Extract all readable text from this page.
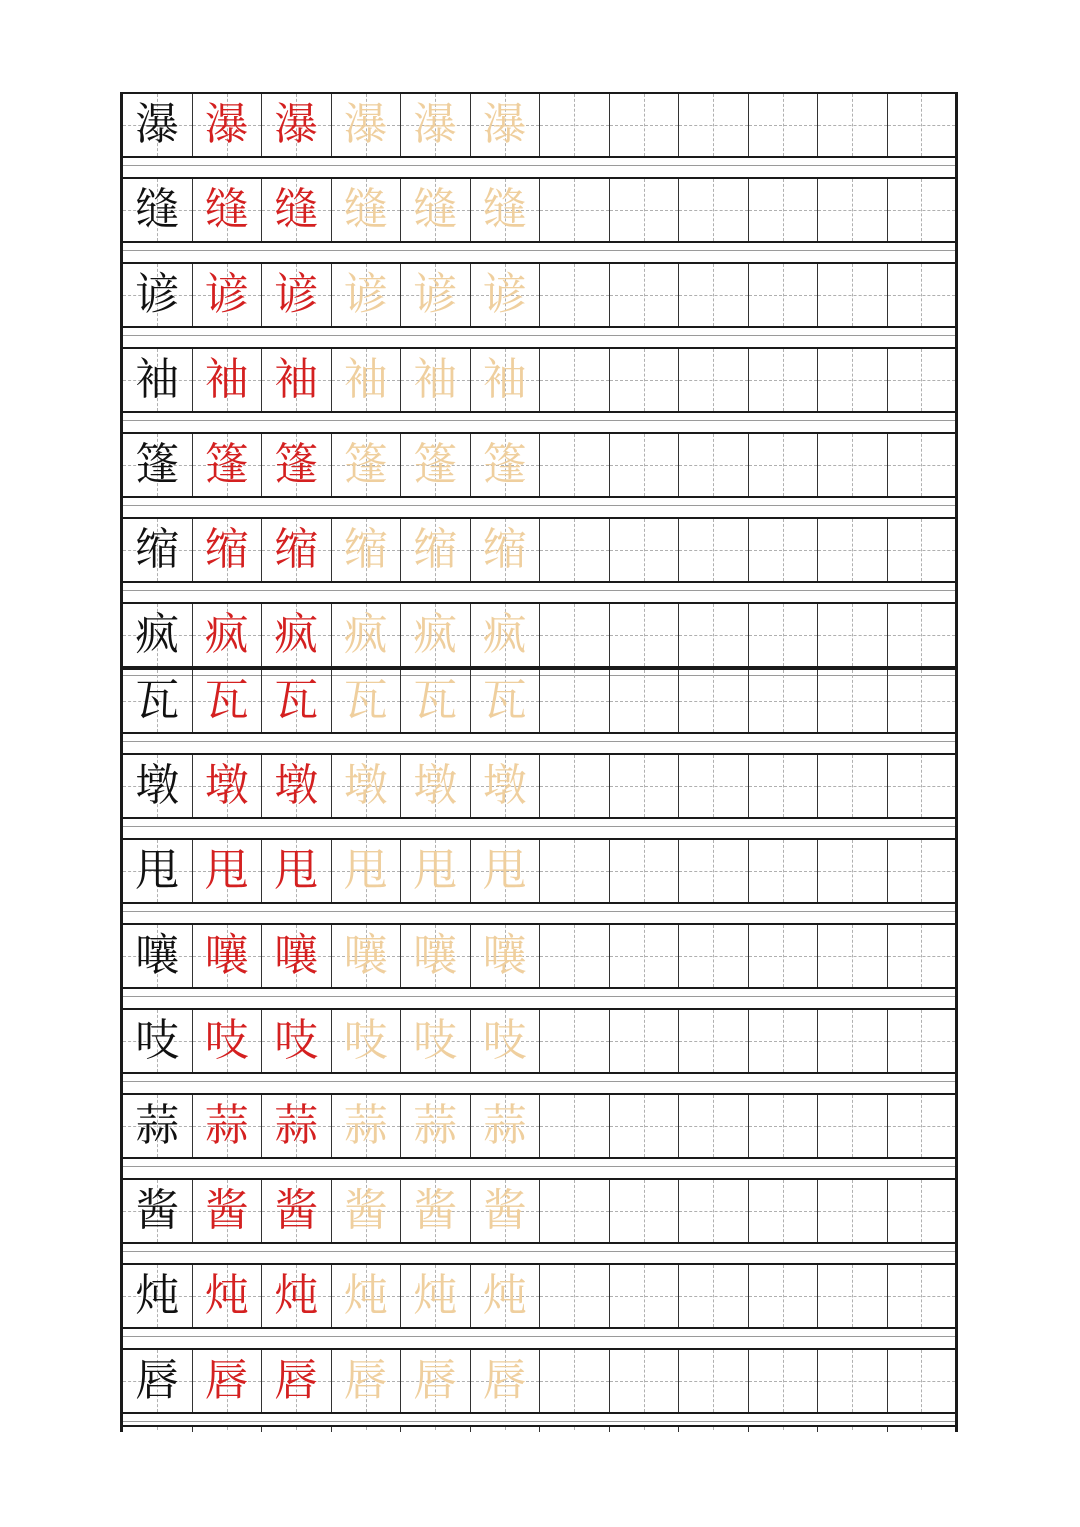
瀑 瀑 瀑 瀑 瀑 瀑
缝 缝 缝 缝 缝 缝
谚 谚 谚 谚 谚 谚
袖 袖 袖 袖 袖 袖
篷 篷 篷 篷 篷 篷
缩 缩 缩 缩 缩 缩
疯 疯 疯 疯 疯 疯
瓦 瓦 瓦 瓦 瓦 瓦
墩 墩 墩 墩 墩 墩
甩 甩 甩 甩 甩 甩
嚷 嚷 嚷 嚷 嚷 嚷
吱 吱 吱 吱 吱 吱
蒜 蒜 蒜 蒜 蒜 蒜
酱 酱 酱 酱 酱 酱
炖 炖 炖 炖 炖 炖
唇 唇 唇 唇 唇 唇
